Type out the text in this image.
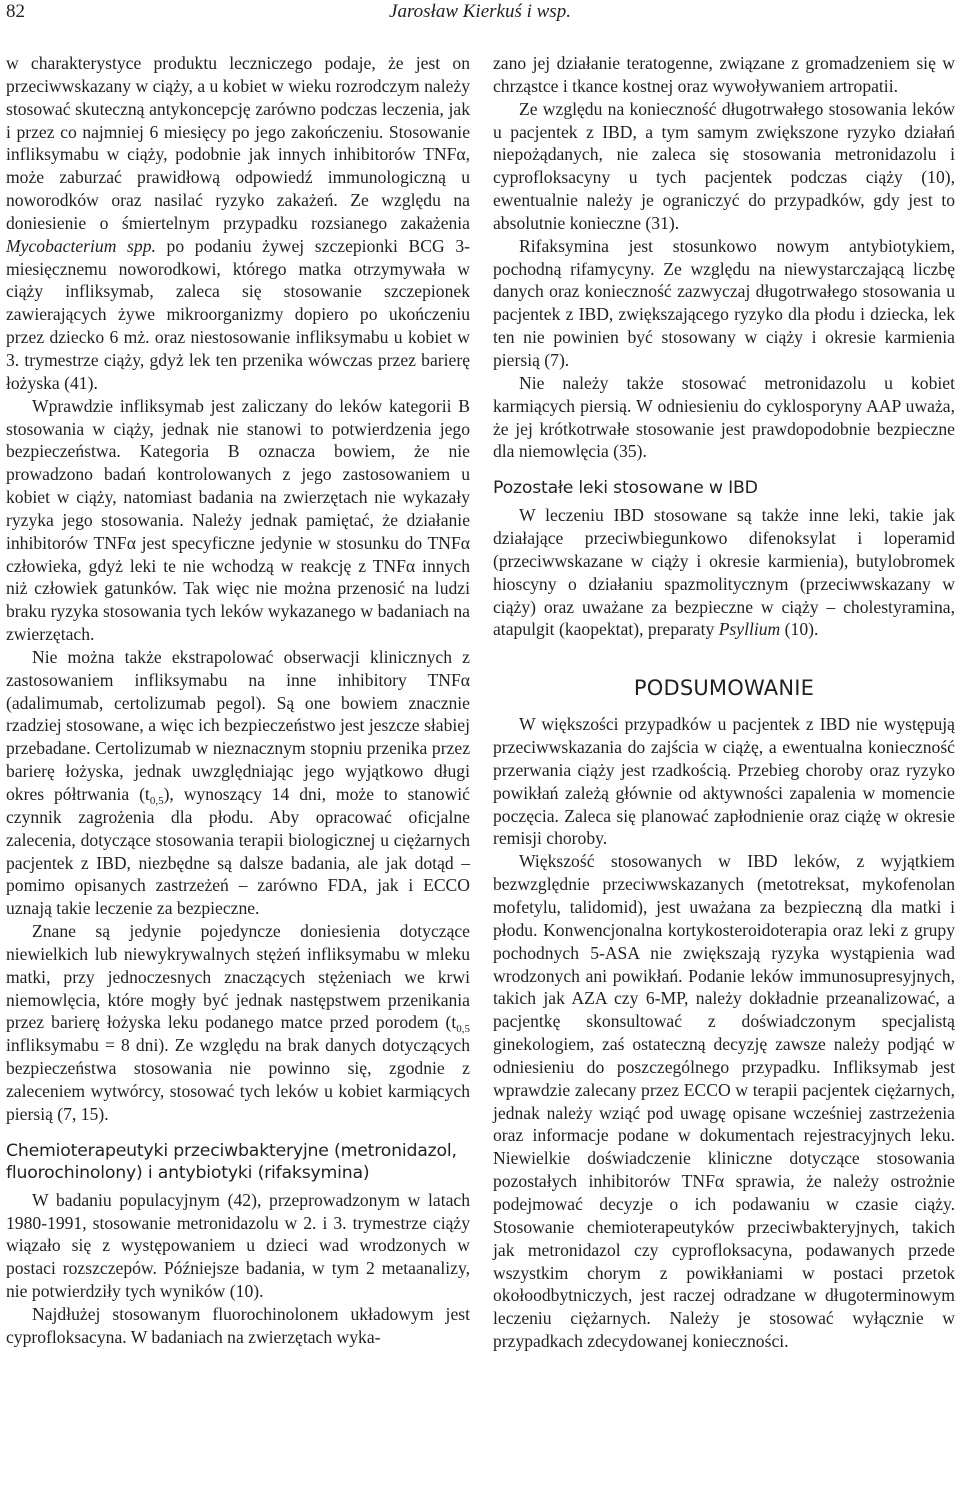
82	Jarosław Kierkuś i wsp.

w charakterystyce produktu leczniczego podaje, że jest on przeciwwskazany w ciąży, a u kobiet w wieku rozrodczym należy stosować skuteczną antykoncepcję zarówno podczas leczenia, jak i przez co najmniej 6 miesięcy po jego zakończeniu. Stosowanie infliksymabu w ciąży, podobnie jak innych inhibitorów TNFα, może zaburzać prawidłową odpowiedź immunologiczną u noworodków oraz nasilać ryzyko zakażeń. Ze względu na doniesienie o śmiertelnym przypadku rozsianego zakażenia Mycobacterium spp. po podaniu żywej szczepionki BCG 3-miesięcznemu noworodkowi, którego matka otrzymywała w ciąży infliksymab, zaleca się stosowanie szczepionek zawierających żywe mikroorganizmy dopiero po ukończeniu przez dziecko 6 mż. oraz niestosowanie infliksymabu u kobiet w 3. trymestrze ciąży, gdyż lek ten przenika wówczas przez barierę łożyska (41).

Wprawdzie infliksymab jest zaliczany do leków kategorii B stosowania w ciąży, jednak nie stanowi to potwierdzenia jego bezpieczeństwa. Kategoria B oznacza bowiem, że nie prowadzono badań kontrolowanych z jego zastosowaniem u kobiet w ciąży, natomiast badania na zwierzętach nie wykazały ryzyka jego stosowania. Należy jednak pamiętać, że działanie inhibitorów TNFα jest specyficzne jedynie w stosunku do TNFα człowieka, gdyż leki te nie wchodzą w reakcję z TNFα innych niż człowiek gatunków. Tak więc nie można przenosić na ludzi braku ryzyka stosowania tych leków wykazanego w badaniach na zwierzętach.

Nie można także ekstrapolować obserwacji klinicznych z zastosowaniem infliksymabu na inne inhibitory TNFα (adalimumab, certolizumab pegol). Są one bowiem znacznie rzadziej stosowane, a więc ich bezpieczeństwo jest jeszcze słabiej przebadane. Certolizumab w nieznacznym stopniu przenika przez barierę łożyska, jednak uwzględniając jego wyjątkowo długi okres półtrwania $(t_{0,5})$, wynoszący 14 dni, może to stanowić czynnik zagrożenia dla płodu. Aby opracować oficjalne zalecenia, dotyczące stosowania terapii biologicznej u ciężarnych pacjentek z IBD, niezbędne są dalsze badania, ale jak dotąd – pomimo opisanych zastrzeżeń – zarówno FDA, jak i ECCO uznają takie leczenie za bezpieczne.

Znane są jedynie pojedyncze doniesienia dotyczące niewielkich lub niewykrywalnych stężeń infliksymabu w mleku matki, przy jednoczesnych znaczących stężeniach we krwi niemowlęcia, które mogły być jednak następstwem przenikania przez barierę łożyska leku podanego matce przed porodem ($t_{0,5}$ infliksymabu = 8 dni). Ze względu na brak danych dotyczących bezpieczeństwa stosowania nie powinno się, zgodnie z zaleceniem wytwórcy, stosować tych leków u kobiet karmiących piersią (7, 15).

Chemioterapeutyki przeciwbakteryjne (metronidazol, fluorochinolony) i antybiotyki (rifaksymina)

W badaniu populacyjnym (42), przeprowadzonym w latach 1980-1991, stosowanie metronidazolu w 2. i 3. trymestrze ciąży wiązało się z występowaniem u dzieci wad wrodzonych w postaci rozszczepów. Późniejsze badania, w tym 2 metaanalizy, nie potwierdziły tych wyników (10).

Najdłużej stosowanym fluorochinolonem układowym jest cyprofloksacyna. W badaniach na zwierzętach wyka-

zano jej działanie teratogenne, związane z gromadzeniem się w chrząstce i tkance kostnej oraz wywoływaniem artropatii.

Ze względu na konieczność długotrwałego stosowania leków u pacjentek z IBD, a tym samym zwiększone ryzyko działań niepożądanych, nie zaleca się stosowania metronidazolu i cyprofloksacyny u tych pacjentek podczas ciąży (10), ewentualnie należy je ograniczyć do przypadków, gdy jest to absolutnie konieczne (31).

Rifaksymina jest stosunkowo nowym antybiotykiem, pochodną rifamycyny. Ze względu na niewystarczającą liczbę danych oraz konieczność zazwyczaj długotrwałego stosowania u pacjentek z IBD, zwiększającego ryzyko dla płodu i dziecka, lek ten nie powinien być stosowany w ciąży i okresie karmienia piersią (7).

Nie należy także stosować metronidazolu u kobiet karmiących piersią. W odniesieniu do cyklosporyny AAP uważa, że jej krótkotrwałe stosowanie jest prawdopodobnie bezpieczne dla niemowlęcia (35).

Pozostałe leki stosowane w IBD

W leczeniu IBD stosowane są także inne leki, takie jak działające przeciwbiegunkowo difenoksylat i loperamid (przeciwwskazane w ciąży i okresie karmienia), butylobromek hioscyny o działaniu spazmolitycznym (przeciwwskazany w ciąży) oraz uważane za bezpieczne w ciąży – cholestyramina, atapulgit (kaopektat), preparaty Psyllium (10).

PODSUMOWANIE

W większości przypadków u pacjentek z IBD nie występują przeciwwskazania do zajścia w ciążę, a ewentualna konieczność przerwania ciąży jest rzadkością. Przebieg choroby oraz ryzyko powikłań zależą głównie od aktywności zapalenia w momencie poczęcia. Zaleca się planować zapłodnienie oraz ciążę w okresie remisji choroby.

Większość stosowanych w IBD leków, z wyjątkiem bezwzględnie przeciwwskazanych (metotreksat, mykofenolan mofetylu, talidomid), jest uważana za bezpieczną dla matki i płodu. Konwencjonalna kortykosteroidoterapia oraz leki z grupy pochodnych 5-ASA nie zwiększają ryzyka wystąpienia wad wrodzonych ani powikłań. Podanie leków immunosupresyjnych, takich jak AZA czy 6-MP, należy dokładnie przeanalizować, a pacjentkę skonsultować z doświadczonym specjalistą ginekologiem, zaś ostateczną decyzję zawsze należy podjąć w odniesieniu do poszczególnego przypadku. Infliksymab jest wprawdzie zalecany przez ECCO w terapii pacjentek ciężarnych, jednak należy wziąć pod uwagę opisane wcześniej zastrzeżenia oraz informacje podane w dokumentach rejestracyjnych leku. Niewielkie doświadczenie kliniczne dotyczące stosowania pozostałych inhibitorów TNFα sprawia, że należy ostrożnie podejmować decyzje o ich podawaniu w czasie ciąży. Stosowanie chemioterapeutyków przeciwbakteryjnych, takich jak metronidazol czy cyprofloksacyna, podawanych przede wszystkim chorym z powikłaniami w postaci przetok okołoodbytniczych, jest raczej odradzane w długoterminowym leczeniu ciężarnych. Należy je stosować wyłącznie w przypadkach zdecydowanej konieczności.
